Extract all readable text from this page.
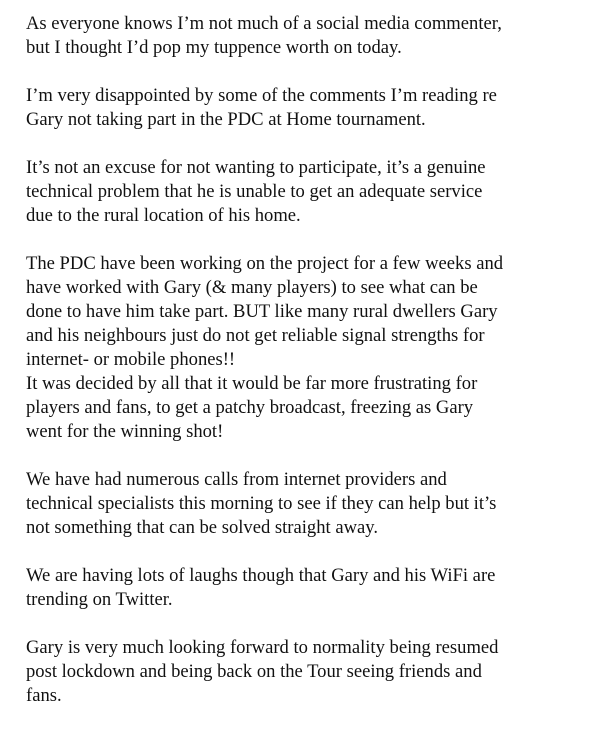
As everyone knows I’m not much of a social media commenter,
but I thought I’d pop my tuppence worth on today.

I’m very disappointed by some of the comments I’m reading re
Gary not taking part in the PDC at Home tournament.

It’s not an excuse for not wanting to participate, it’s a genuine
technical problem that he is unable to get an adequate service
due to the rural location of his home.

The PDC have been working on the project for a few weeks and
have worked with Gary (& many players) to see what can be
done to have him take part. BUT like many rural dwellers Gary
and his neighbours just do not get reliable signal strengths for
internet- or mobile phones!!
It was decided by all that it would be far more frustrating for
players and fans, to get a patchy broadcast, freezing as Gary
went for the winning shot!

We have had numerous calls from internet providers and
technical specialists this morning to see if they can help but it’s
not something that can be solved straight away.

We are having lots of laughs though that Gary and his WiFi are
trending on Twitter.

Gary is very much looking forward to normality being resumed
post lockdown and being back on the Tour seeing friends and
fans.
